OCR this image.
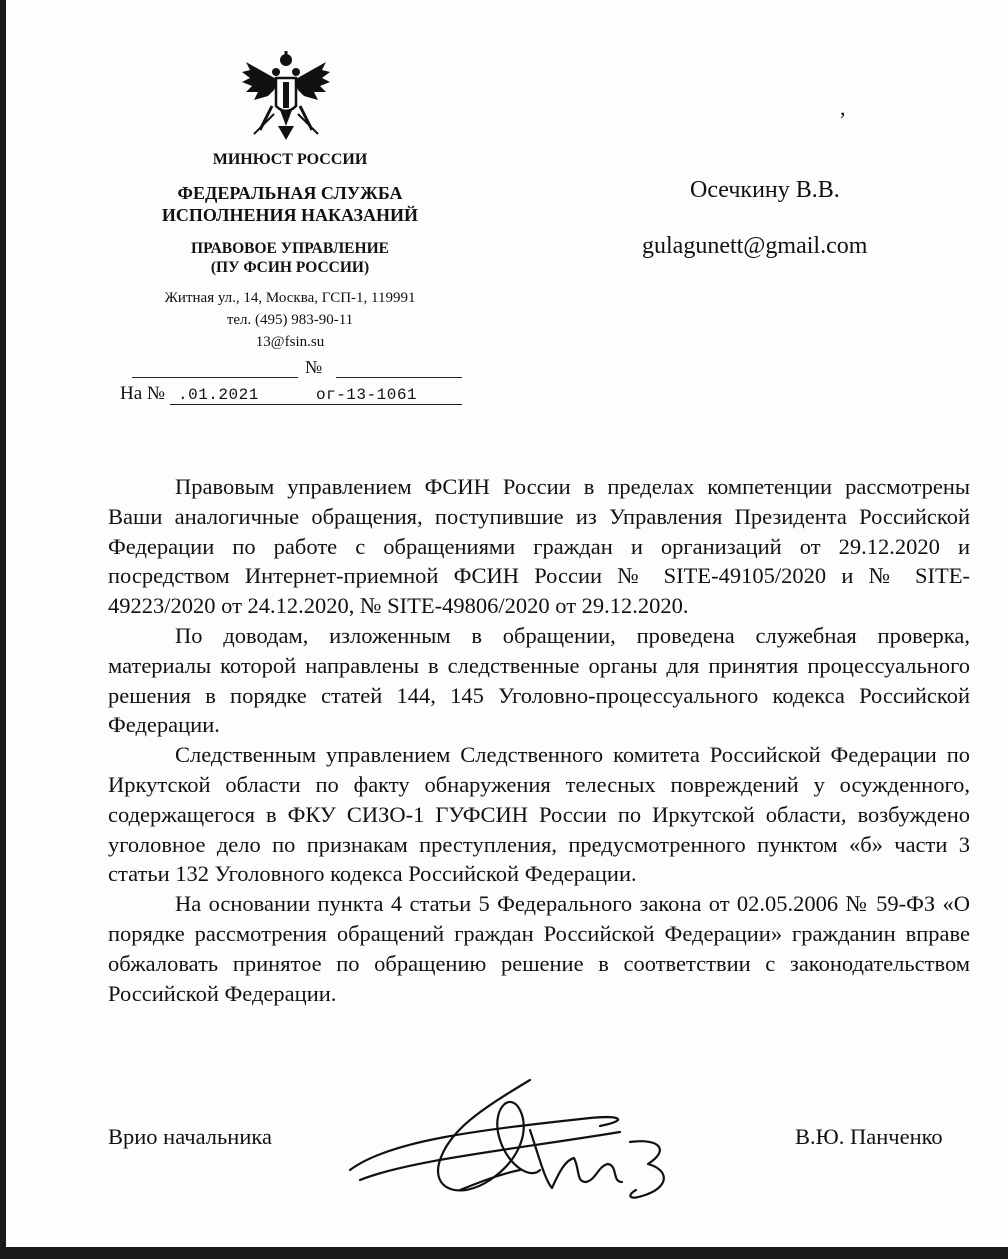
МИНЮСТ РОССИИ
ФЕДЕРАЛЬНАЯ СЛУЖБА
ИСПОЛНЕНИЯ НАКАЗАНИЙ
ПРАВОВОЕ УПРАВЛЕНИЕ
(ПУ ФСИН РОССИИ)
Житная ул., 14, Москва, ГСП-1, 119991
тел. (495) 983-90-11
13@fsin.su
№
На № .01.2021	ог-13-1061
,
Осечкину В.В.
gulagunett@gmail.com

Правовым управлением ФСИН России в пределах компетенции рассмотрены Ваши аналогичные обращения, поступившие из Управления Президента Российской Федерации по работе с обращениями граждан и организаций от 29.12.2020 и посредством Интернет-приемной ФСИН России № SITE-49105/2020 и № SITE-49223/2020 от 24.12.2020, № SITE-49806/2020 от 29.12.2020.

По доводам, изложенным в обращении, проведена служебная проверка, материалы которой направлены в следственные органы для принятия процессуального решения в порядке статей 144, 145 Уголовно-процессуального кодекса Российской Федерации.

Следственным управлением Следственного комитета Российской Федерации по Иркутской области по факту обнаружения телесных повреждений у осужденного, содержащегося в ФКУ СИЗО-1 ГУФСИН России по Иркутской области, возбуждено уголовное дело по признакам преступления, предусмотренного пунктом «б» части 3 статьи 132 Уголовного кодекса Российской Федерации.

На основании пункта 4 статьи 5 Федерального закона от 02.05.2006 № 59-ФЗ «О порядке рассмотрения обращений граждан Российской Федерации» гражданин вправе обжаловать принятое по обращению решение в соответствии с законодательством Российской Федерации.

Врио начальника	В.Ю. Панченко
